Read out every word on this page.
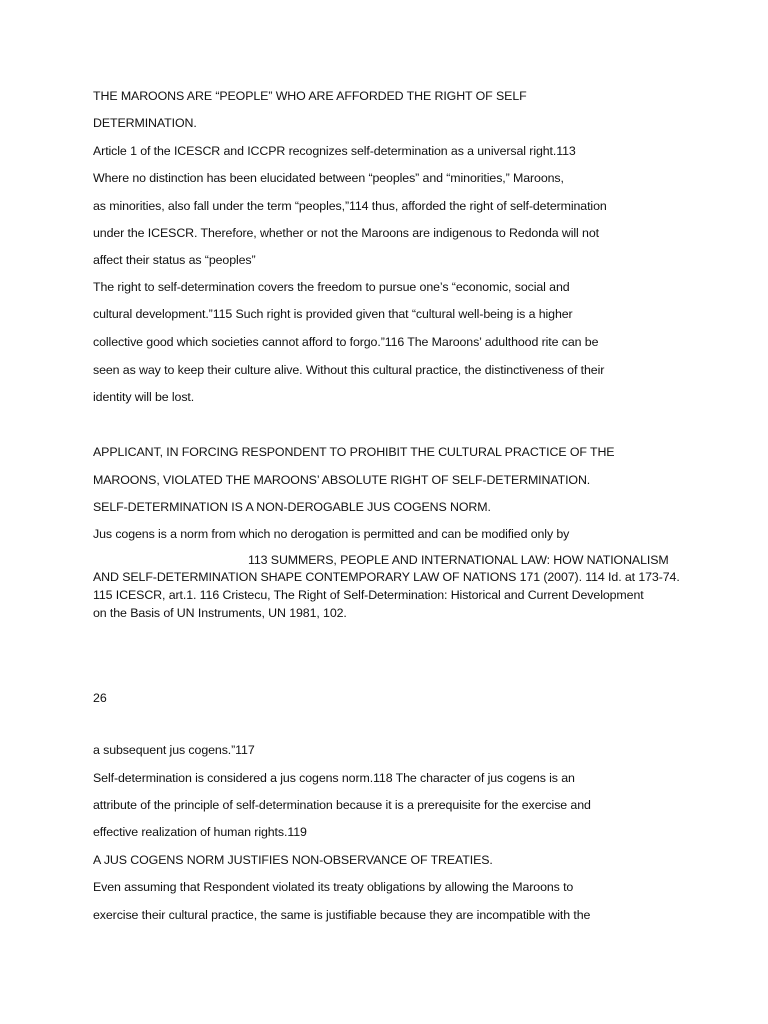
THE MAROONS ARE “PEOPLE” WHO ARE AFFORDED THE RIGHT OF SELF
DETERMINATION.
Article 1 of the ICESCR and ICCPR recognizes self-determination as a universal right.113
Where no distinction has been elucidated between “peoples” and “minorities,” Maroons,
as minorities, also fall under the term “peoples,”114 thus, afforded the right of self-determination
under the ICESCR. Therefore, whether or not the Maroons are indigenous to Redonda will not
affect their status as “peoples”
The right to self-determination covers the freedom to pursue one’s “economic, social and
cultural development.”115 Such right is provided given that “cultural well-being is a higher
collective good which societies cannot afford to forgo.”116 The Maroons’ adulthood rite can be
seen as way to keep their culture alive. Without this cultural practice, the distinctiveness of their
identity will be lost.
APPLICANT, IN FORCING RESPONDENT TO PROHIBIT THE CULTURAL PRACTICE OF THE
MAROONS, VIOLATED THE MAROONS’ ABSOLUTE RIGHT OF SELF-DETERMINATION.
SELF-DETERMINATION IS A NON-DEROGABLE JUS COGENS NORM.
Jus cogens is a norm from which no derogation is permitted and can be modified only by
113 SUMMERS, PEOPLE AND INTERNATIONAL LAW: HOW NATIONALISM
AND SELF-DETERMINATION SHAPE CONTEMPORARY LAW OF NATIONS 171 (2007). 114 Id. at 173-74.
115 ICESCR, art.1. 116 Cristecu, The Right of Self-Determination: Historical and Current Development
on the Basis of UN Instruments, UN 1981, 102.
26
a subsequent jus cogens.”117
Self-determination is considered a jus cogens norm.118 The character of jus cogens is an
attribute of the principle of self-determination because it is a prerequisite for the exercise and
effective realization of human rights.119
A JUS COGENS NORM JUSTIFIES NON-OBSERVANCE OF TREATIES.
Even assuming that Respondent violated its treaty obligations by allowing the Maroons to
exercise their cultural practice, the same is justifiable because they are incompatible with the
